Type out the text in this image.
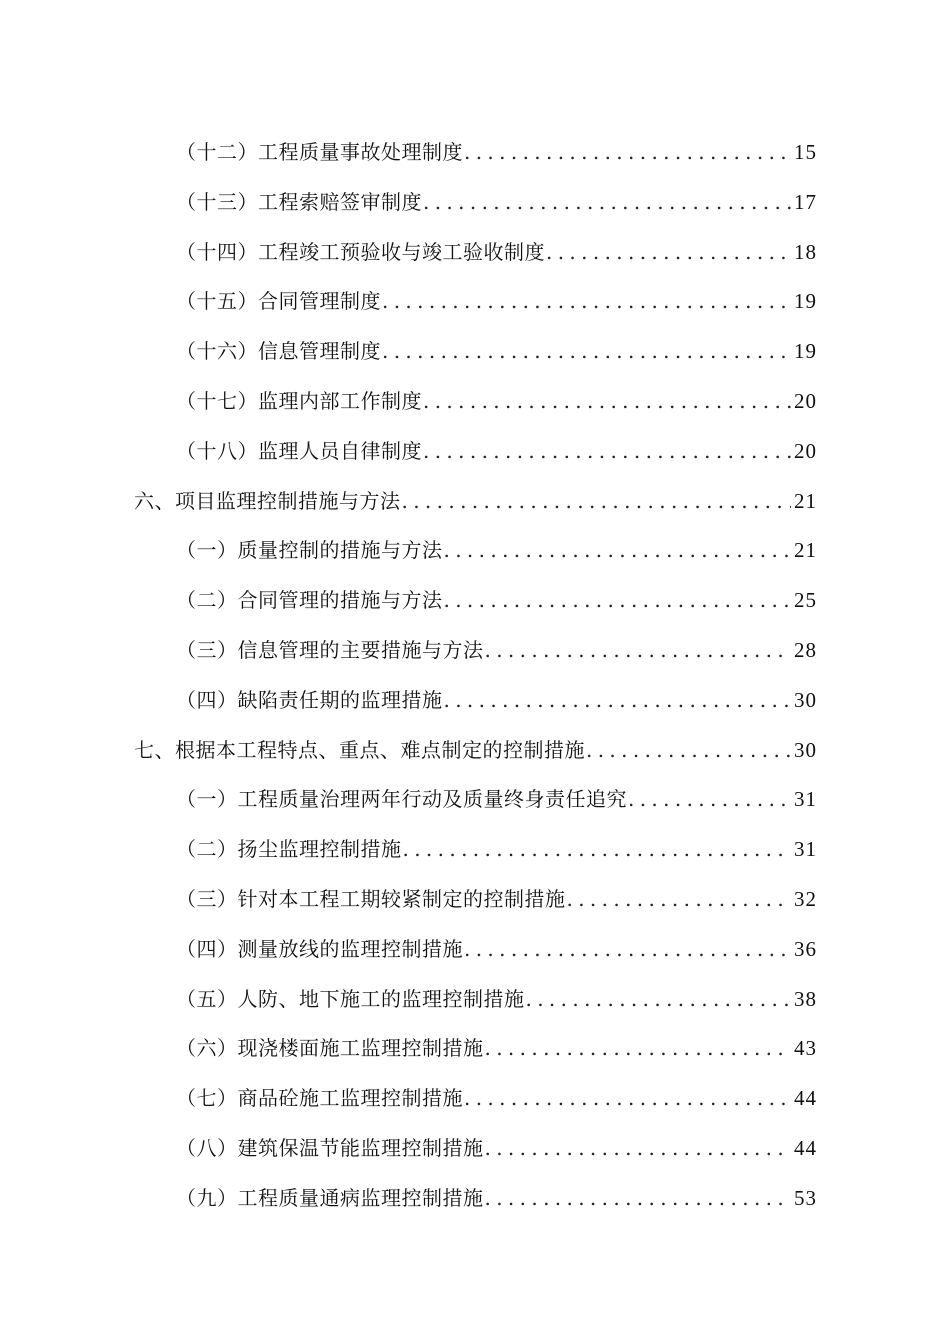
（十二）工程质量事故处理制度 . . .	15
（十三）工程索赔签审制度 . . .	17
（十四）工程竣工预验收与竣工验收制度 . . .	18
（十五）合同管理制度 . . .	19
（十六）信息管理制度 . . .	19
（十七）监理内部工作制度 . . .	20
（十八）监理人员自律制度 . . .	20
六、项目监理控制措施与方法 . . .	21
（一）质量控制的措施与方法 . . .	21
（二）合同管理的措施与方法 . . .	25
（三）信息管理的主要措施与方法 . . .	28
（四）缺陷责任期的监理措施 . . .	30
七、根据本工程特点、重点、难点制定的控制措施 . . .	30
（一）工程质量治理两年行动及质量终身责任追究 . . .	31
（二）扬尘监理控制措施 . . .	31
（三）针对本工程工期较紧制定的控制措施 . . .	32
（四）测量放线的监理控制措施 . . .	36
（五）人防、地下施工的监理控制措施 . . .	38
（六）现浇楼面施工监理控制措施 . . .	43
（七）商品砼施工监理控制措施 . . .	44
（八）建筑保温节能监理控制措施 . . .	44
（九）工程质量通病监理控制措施 . . .	53
